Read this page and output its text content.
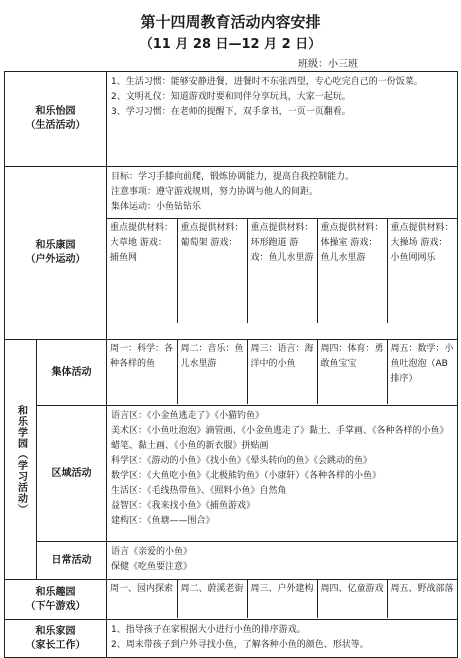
第十四周教育活动内容安排
（11 月 28 日—12 月 2 日）
班级：小三班
和乐怡园
（生活活动）

1、生活习惯：能够安静进餐，进餐时不东张西望，专心吃完自己的一份饭菜。
2、文明礼仪：知道游戏时要和同伴分享玩具，大家一起玩。
3、学习习惯：在老师的提醒下，双手拿书，一页一页翻看。

和乐康园
（户外运动）

目标：学习手膝向前爬，锻炼协调能力，提高自我控制能力。
注意事项：遵守游戏规则，努力协调与他人的间距。
集体运动：小鱼钻钻乐
重点提供材料：大草地 游戏：捕鱼网	重点提供材料：葡萄架 游戏：	重点提供材料：环形跑道 游戏：鱼儿水里游	重点提供材料：体操室 游戏：鱼儿水里游	重点提供材料：大操场 游戏：小鱼网网乐

和乐学园（学习活动）
	集体活动	
周一：科学：各种各样的鱼	周二：音乐：鱼儿水里游	周三：语言：海洋中的小鱼	周四：体育：勇敢鱼宝宝	周五：数学：小鱼吐泡泡（AB 排序）

区域活动	
语言区：《小金鱼逃走了》《小猫钓鱼》
美术区：《小鱼吐泡泡》滴管画、《小金鱼逃走了》黏土、手掌画、《各种各样的小鱼》蜡笔、黏土画、《小鱼的新衣服》拼贴画
科学区：《游动的小鱼》《找小鱼》《晕头转向的鱼》《会跳动的鱼》
数学区：《大鱼吃小鱼》《北极熊钓鱼》（小康轩）《各种各样的小鱼》
生活区：《毛线热带鱼》、《照料小鱼》自然角
益智区：《我来找小鱼》《捕鱼游戏》
建构区：《鱼塘——围合》

日常活动	
语言《亲爱的小鱼》
保健《吃鱼要注意》

和乐趣园
（下午游戏）

周一、园内探索	周二、蔚溪老街	周三、户外建构	周四、亿童游戏	周五、野战部落

和乐家园
（家长工作）

1、指导孩子在家根据大小进行小鱼的排序游戏。
2、周末带孩子到户外寻找小鱼，了解各种小鱼的颜色、形状等。
